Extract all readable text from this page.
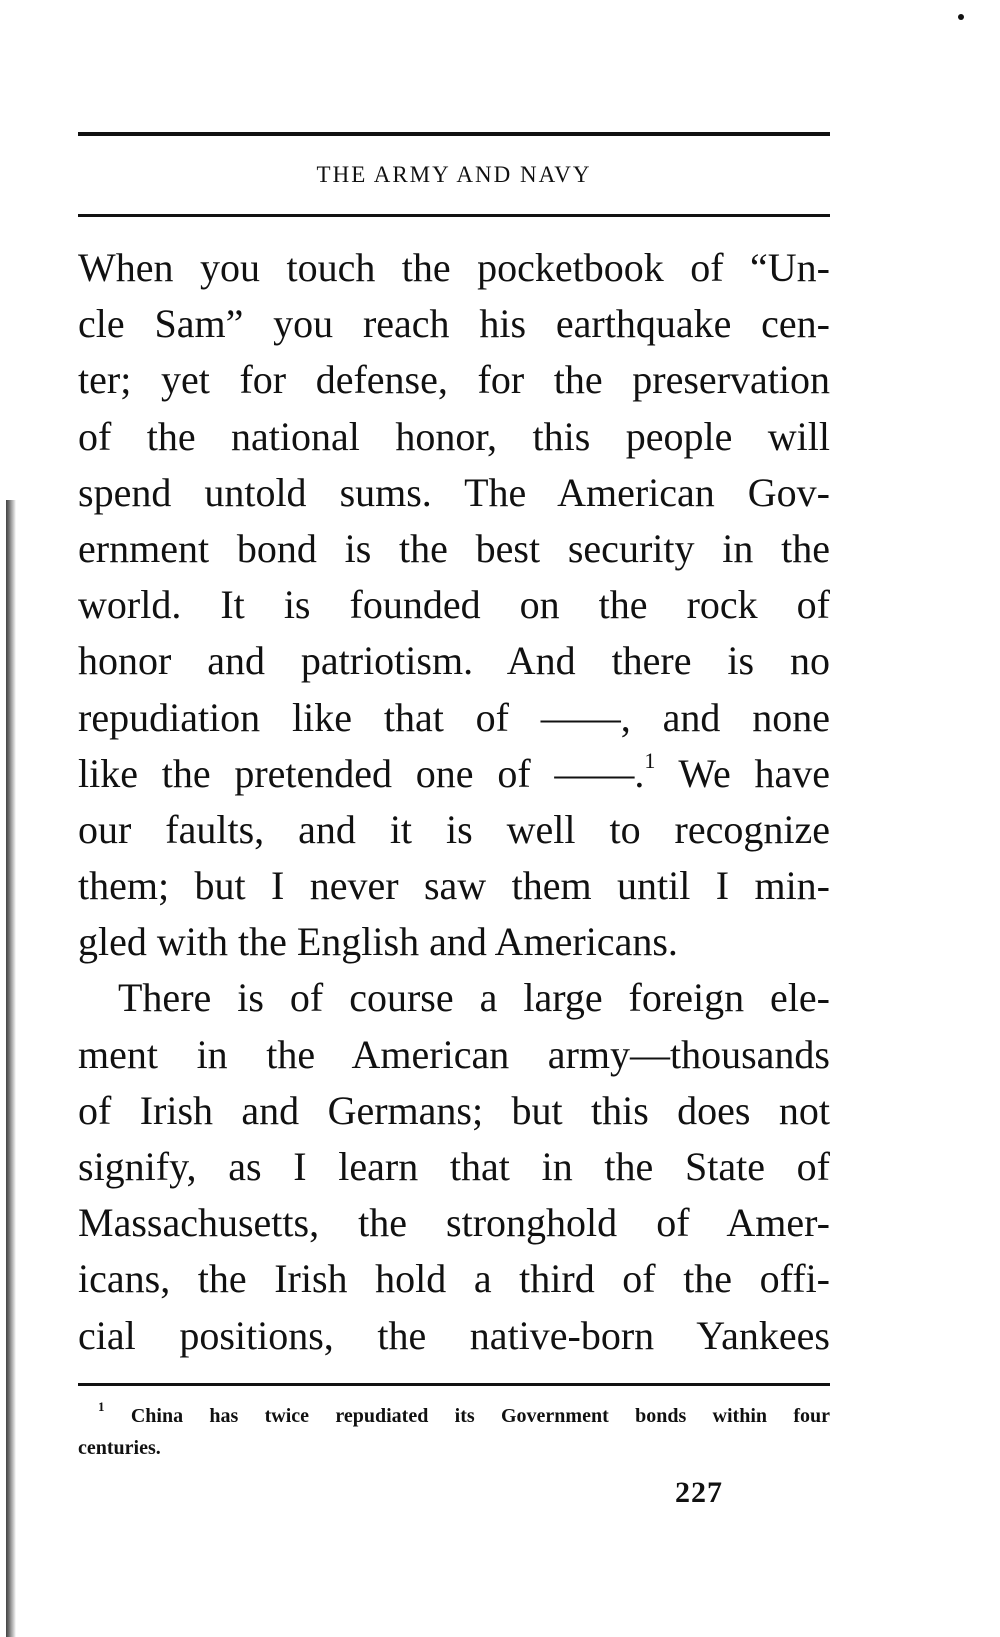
THE ARMY AND NAVY
When you touch the pocketbook of “Un-
cle Sam” you reach his earthquake cen-
ter; yet for defense, for the preservation
of the national honor, this people will
spend untold sums. The American Gov-
ernment bond is the best security in the
world. It is founded on the rock of
honor and patriotism. And there is no
repudiation like that of ——, and none
like the pretended one of ——.$^1$ We have
our faults, and it is well to recognize
them; but I never saw them until I min-
gled with the English and Americans.
There is of course a large foreign ele-
ment in the American army—thousands
of Irish and Germans; but this does not
signify, as I learn that in the State of
Massachusetts, the stronghold of Amer-
icans, the Irish hold a third of the offi-
cial positions, the native-born Yankees
$^1$ China has twice repudiated its Government bonds within four
centuries.
227
